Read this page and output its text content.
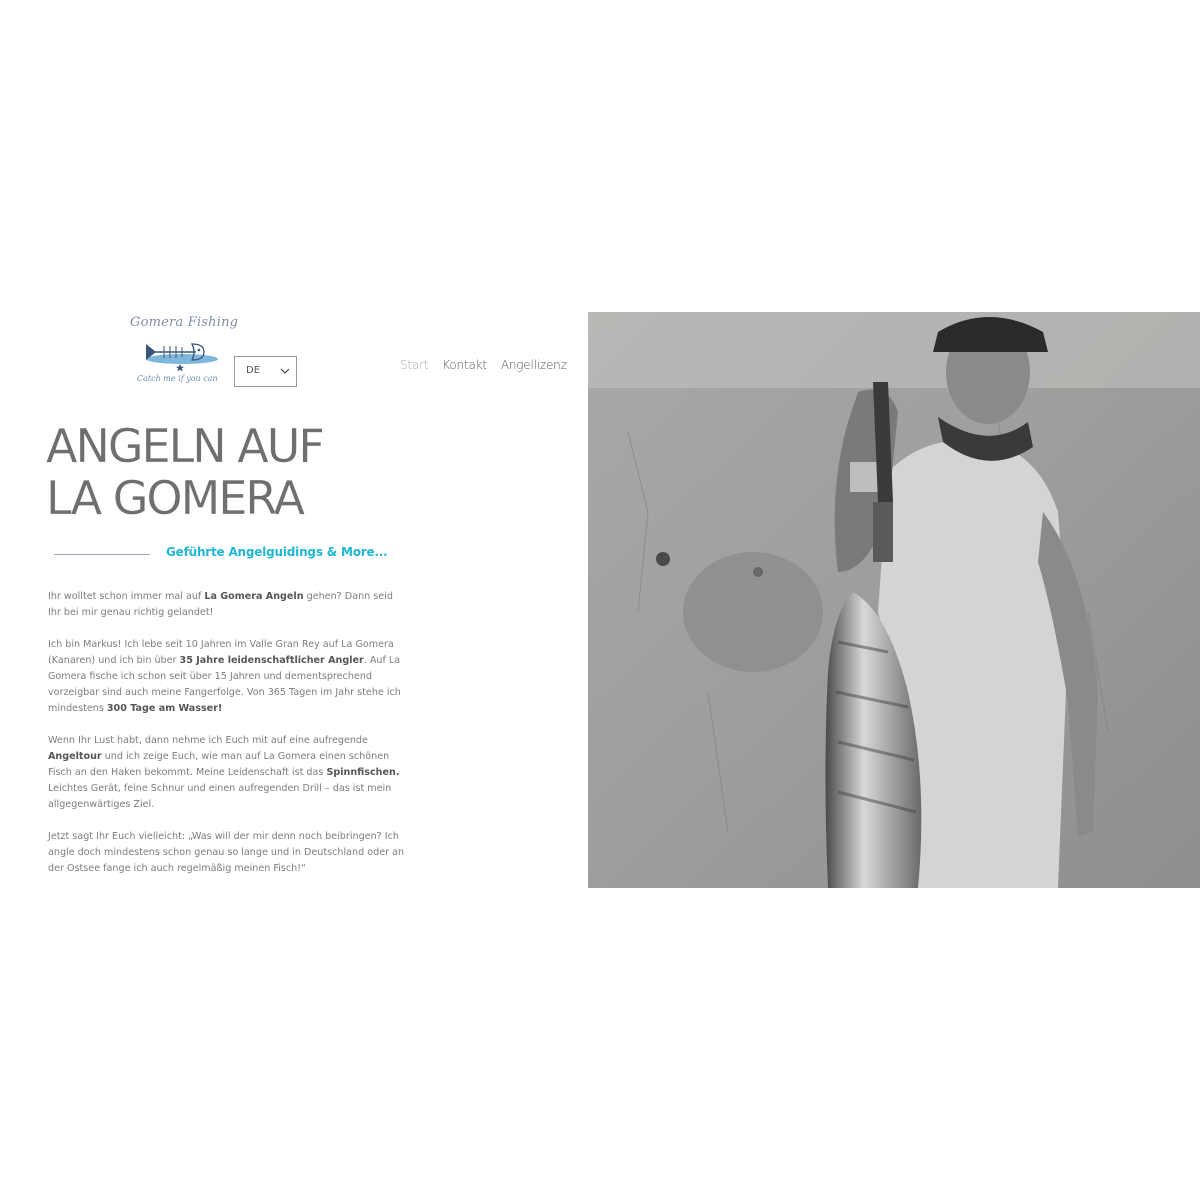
Gomera Fishing
Catch me if you can
DE	Start Kontakt Angellizenz
ANGELN AUF
LA GOMERA
Geführte Angelguidings & More...

Ihr wolltet schon immer mal auf La Gomera Angeln gehen? Dann seid Ihr bei mir genau richtig gelandet!

Ich bin Markus! Ich lebe seit 10 Jahren im Valle Gran Rey auf La Gomera (Kanaren) und ich bin über 35 Jahre leidenschaftlicher Angler. Auf La Gomera fische ich schon seit über 15 Jahren und dementsprechend vorzeigbar sind auch meine Fangerfolge. Von 365 Tagen im Jahr stehe ich mindestens 300 Tage am Wasser!

Wenn Ihr Lust habt, dann nehme ich Euch mit auf eine aufregende Angeltour und ich zeige Euch, wie man auf La Gomera einen schönen Fisch an den Haken bekommt. Meine Leidenschaft ist das Spinnfischen. Leichtes Gerät, feine Schnur und einen aufregenden Drill – das ist mein allgegenwärtiges Ziel.

Jetzt sagt Ihr Euch vielleicht: „Was will der mir denn noch beibringen? Ich angle doch mindestens schon genau so lange und in Deutschland oder an der Ostsee fange ich auch regelmäßig meinen Fisch!“
